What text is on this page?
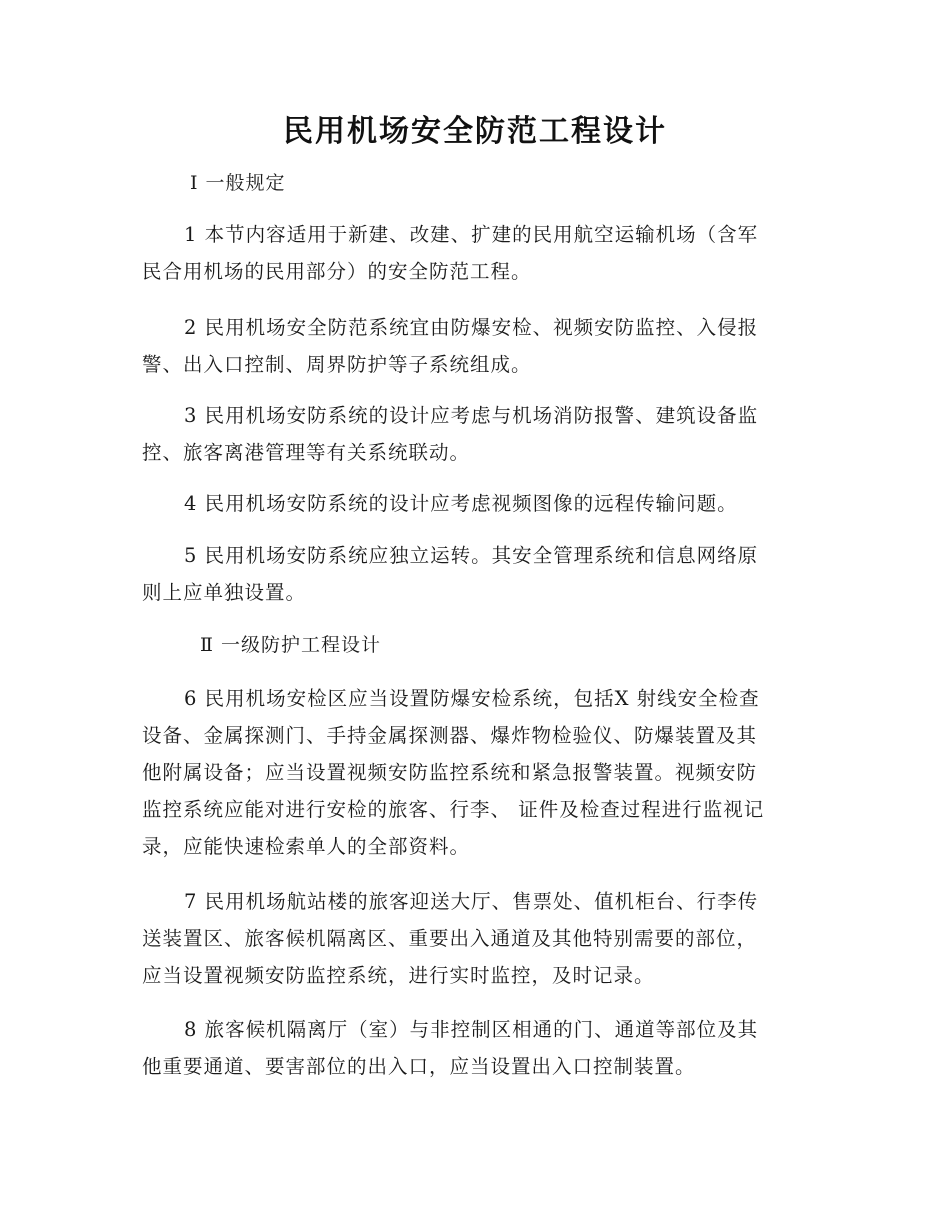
民用机场安全防范工程设计
Ⅰ 一般规定
1 本节内容适用于新建、改建、扩建的民用航空运输机场（含军
民合用机场的民用部分）的安全防范工程。
2 民用机场安全防范系统宜由防爆安检、视频安防监控、入侵报
警、出入口控制、周界防护等子系统组成。
3 民用机场安防系统的设计应考虑与机场消防报警、建筑设备监
控、旅客离港管理等有关系统联动。
4 民用机场安防系统的设计应考虑视频图像的远程传输问题。
5 民用机场安防系统应独立运转。其安全管理系统和信息网络原
则上应单独设置。
Ⅱ 一级防护工程设计
6 民用机场安检区应当设置防爆安检系统，包括X 射线安全检查
设备、金属探测门、手持金属探测器、爆炸物检验仪、防爆装置及其
他附属设备；应当设置视频安防监控系统和紧急报警装置。视频安防
监控系统应能对进行安检的旅客、行李、 证件及检查过程进行监视记
录，应能快速检索单人的全部资料。
7 民用机场航站楼的旅客迎送大厅、售票处、值机柜台、行李传
送装置区、旅客候机隔离区、重要出入通道及其他特别需要的部位，
应当设置视频安防监控系统，进行实时监控，及时记录。
8 旅客候机隔离厅（室）与非控制区相通的门、通道等部位及其
他重要通道、要害部位的出入口，应当设置出入口控制装置。
